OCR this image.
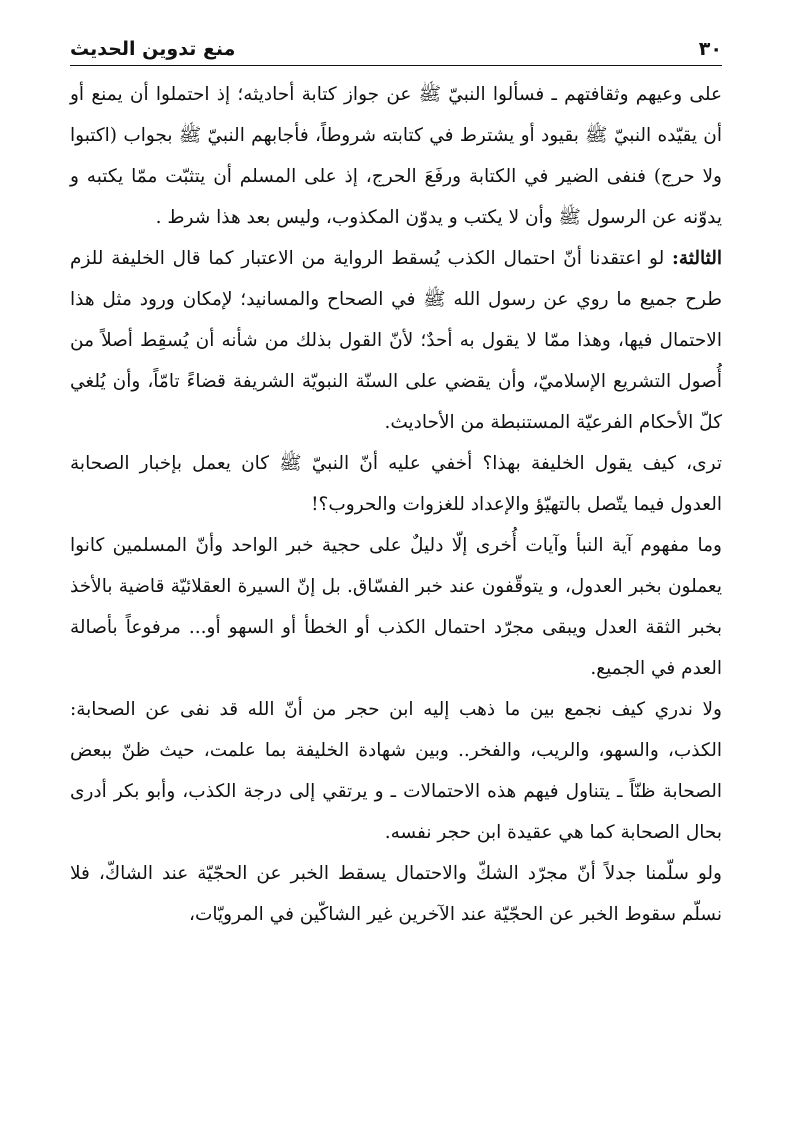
٣٠
منع تدوين الحديث

على وعيهم وثقافتهم ـ فسألوا النبيّ ﷺ عن جواز كتابة أحاديثه؛ إذ احتملوا أن يمنع أو أن يقيّده النبيّ ﷺ بقيود أو يشترط في كتابته شروطاً، فأجابهم النبيّ ﷺ بجواب (اكتبوا ولا حرج) فنفى الضير في الكتابة ورفَعَ الحرج، إذ على المسلم أن يتثبّت ممّا يكتبه و يدوّنه عن الرسول ﷺ وأن لا يكتب و يدوّن المكذوب، وليس بعد هذا شرط .

الثالثة: لو اعتقدنا أنّ احتمال الكذب يُسقط الرواية من الاعتبار كما قال الخليفة للزم طرح جميع ما روي عن رسول الله ﷺ في الصحاح والمسانيد؛ لإمكان ورود مثل هذا الاحتمال فيها، وهذا ممّا لا يقول به أحدٌ؛ لأنّ القول بذلك من شأنه أن يُسقِط أصلاً من أُصول التشريع الإسلاميّ، وأن يقضي على السنّة النبويّة الشريفة قضاءً تامّاً، وأن يُلغي كلّ الأحكام الفرعيّة المستنبطة من الأحاديث.

ترى، كيف يقول الخليفة بهذا؟ أخفي عليه أنّ النبيّ ﷺ كان يعمل بإخبار الصحابة العدول فيما يتّصل بالتهيّؤ والإعداد للغزوات والحروب؟!

وما مفهوم آية النبأ وآيات أُخرى إلّا دليلٌ على حجية خبر الواحد وأنّ المسلمين كانوا يعملون بخبر العدول، و يتوقّفون عند خبر الفسّاق. بل إنّ السيرة العقلائيّة قاضية بالأخذ بخبر الثقة العدل ويبقى مجرّد احتمال الكذب أو الخطأ أو السهو أو... مرفوعاً بأصالة العدم في الجميع.

ولا ندري كيف نجمع بين ما ذهب إليه ابن حجر من أنّ الله قد نفى عن الصحابة: الكذب، والسهو، والريب، والفخر.. وبين شهادة الخليفة بما علمت، حيث ظنّ ببعض الصحابة ظنّاً ـ يتناول فيهم هذه الاحتمالات ـ و يرتقي إلى درجة الكذب، وأبو بكر أدرى بحال الصحابة كما هي عقيدة ابن حجر نفسه.

ولو سلّمنا جدلاً أنّ مجرّد الشكّ والاحتمال يسقط الخبر عن الحجّيّة عند الشاكّ، فلا نسلّم سقوط الخبر عن الحجّيّة عند الآخرين غير الشاكّين في المرويّات،
